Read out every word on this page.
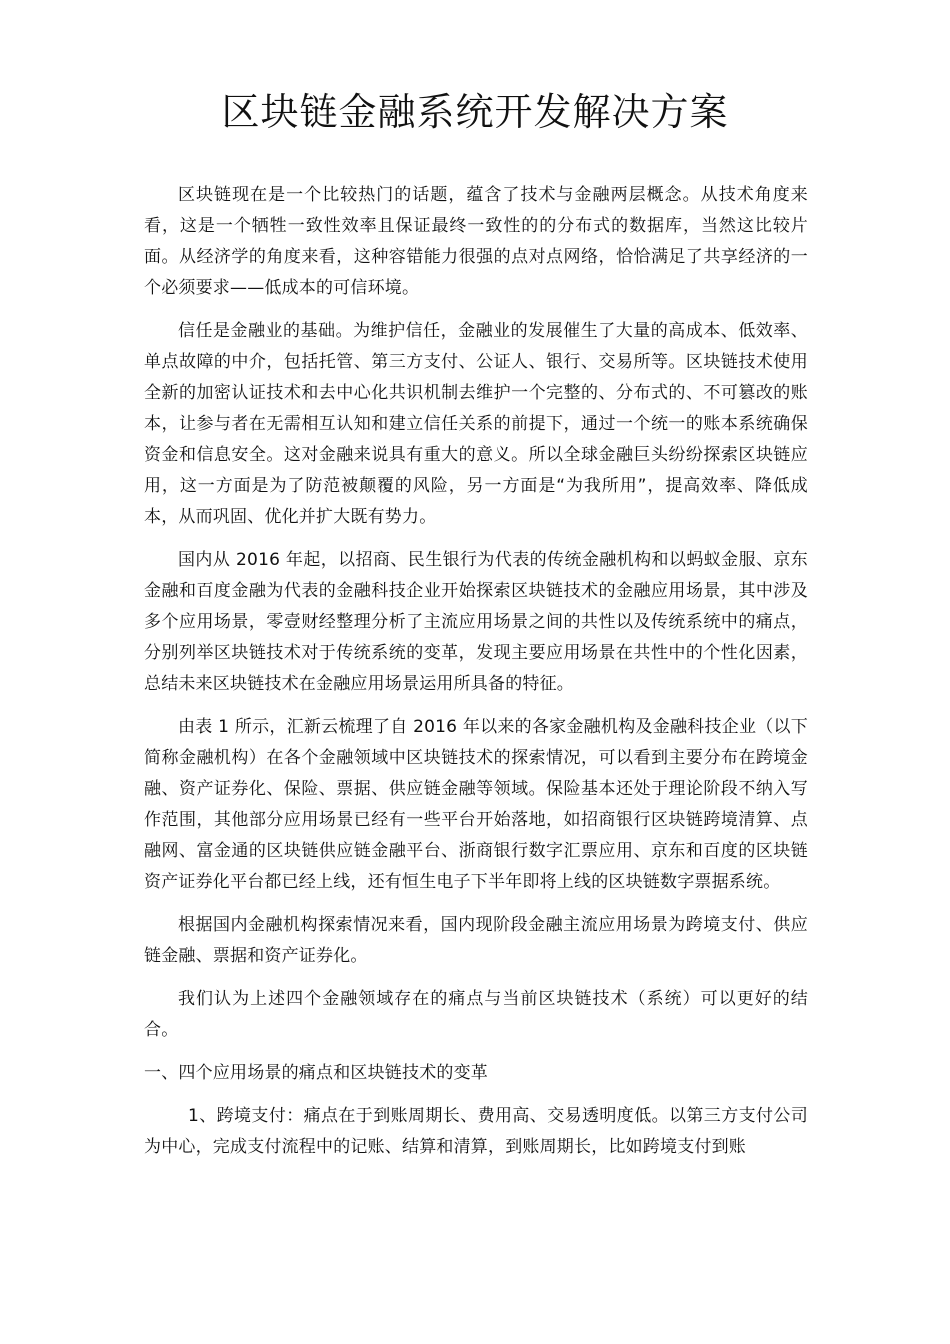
区块链金融系统开发解决方案

区块链现在是一个比较热门的话题，蕴含了技术与金融两层概念。从技术角度来看，这是一个牺牲一致性效率且保证最终一致性的的分布式的数据库，当然这比较片面。从经济学的角度来看，这种容错能力很强的点对点网络，恰恰满足了共享经济的一个必须要求——低成本的可信环境。

信任是金融业的基础。为维护信任，金融业的发展催生了大量的高成本、低效率、单点故障的中介，包括托管、第三方支付、公证人、银行、交易所等。区块链技术使用全新的加密认证技术和去中心化共识机制去维护一个完整的、分布式的、不可篡改的账本，让参与者在无需相互认知和建立信任关系的前提下，通过一个统一的账本系统确保资金和信息安全。这对金融来说具有重大的意义。所以全球金融巨头纷纷探索区块链应用，这一方面是为了防范被颠覆的风险，另一方面是“为我所用”，提高效率、降低成本，从而巩固、优化并扩大既有势力。

国内从 2016 年起，以招商、民生银行为代表的传统金融机构和以蚂蚁金服、京东金融和百度金融为代表的金融科技企业开始探索区块链技术的金融应用场景，其中涉及多个应用场景，零壹财经整理分析了主流应用场景之间的共性以及传统系统中的痛点，分别列举区块链技术对于传统系统的变革，发现主要应用场景在共性中的个性化因素，总结未来区块链技术在金融应用场景运用所具备的特征。

由表 1 所示，汇新云梳理了自 2016 年以来的各家金融机构及金融科技企业（以下简称金融机构）在各个金融领域中区块链技术的探索情况，可以看到主要分布在跨境金融、资产证券化、保险、票据、供应链金融等领域。保险基本还处于理论阶段不纳入写作范围，其他部分应用场景已经有一些平台开始落地，如招商银行区块链跨境清算、点融网、富金通的区块链供应链金融平台、浙商银行数字汇票应用、京东和百度的区块链资产证券化平台都已经上线，还有恒生电子下半年即将上线的区块链数字票据系统。

根据国内金融机构探索情况来看，国内现阶段金融主流应用场景为跨境支付、供应链金融、票据和资产证券化。

我们认为上述四个金融领域存在的痛点与当前区块链技术（系统）可以更好的结合。

一、四个应用场景的痛点和区块链技术的变革

1、跨境支付：痛点在于到账周期长、费用高、交易透明度低。以第三方支付公司为中心，完成支付流程中的记账、结算和清算，到账周期长，比如跨境支付到账
